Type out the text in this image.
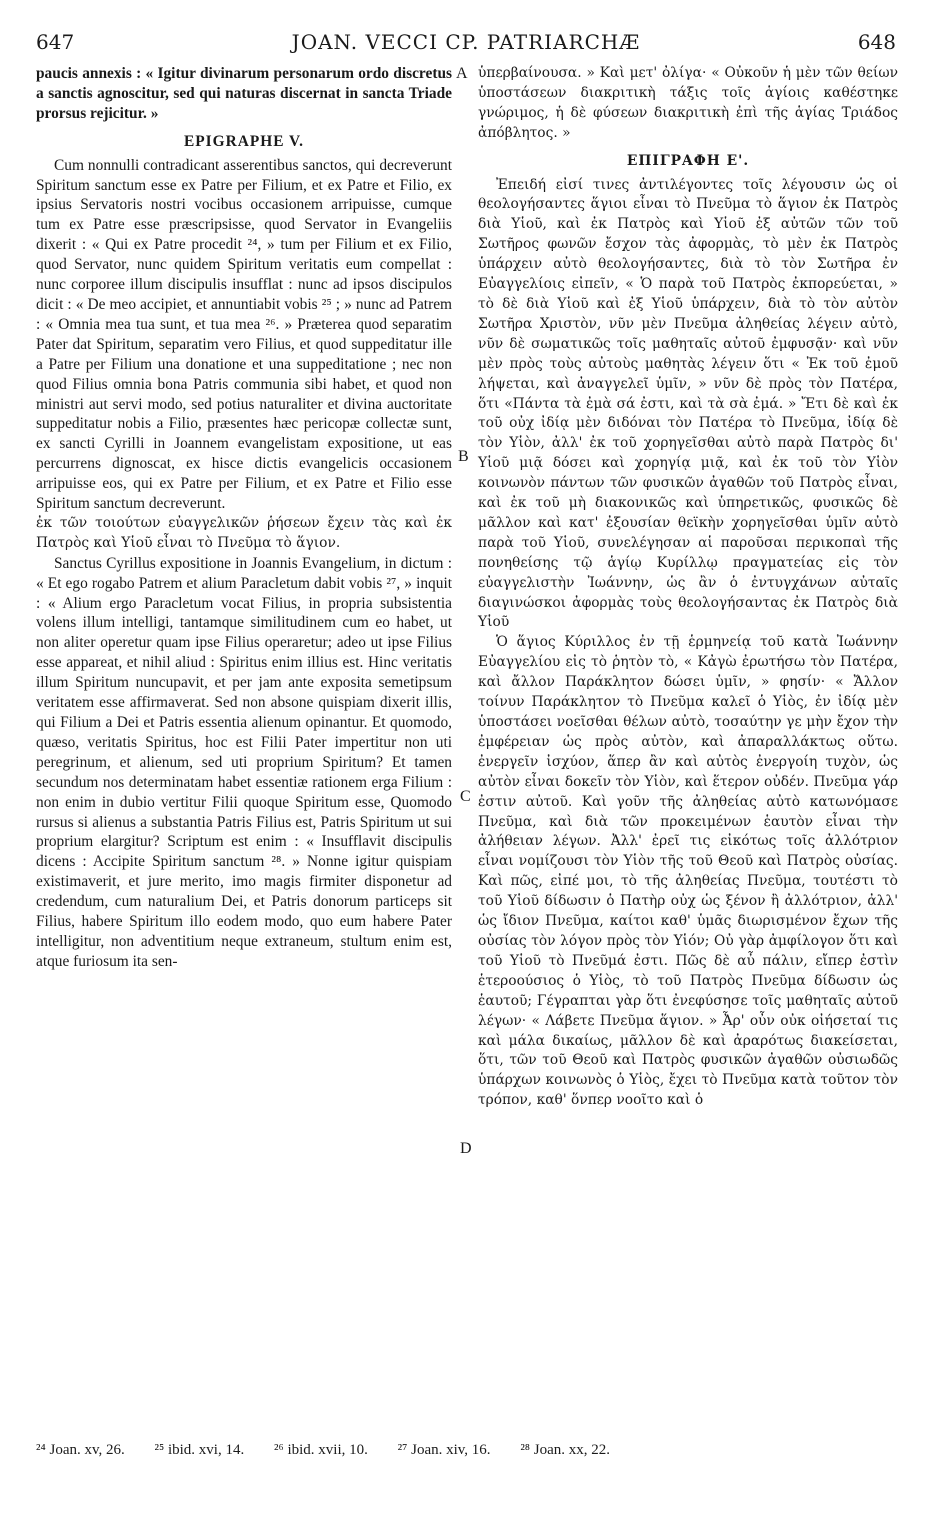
647	JOAN. VECCI CP. PATRIARCHÆ	648

paucis annexis : « Igitur divinarum personarum ordo discretus a sanctis agnoscitur, sed qui naturas discernat in sancta Triade prorsus rejicitur. »

EPIGRAPHE V.

Cum nonnulli contradicant asserentibus sanctos, qui decreverunt Spiritum sanctum esse ex Patre per Filium, et ex Patre et Filio, ex ipsius Servatoris nostri vocibus occasionem arripuisse, cumque tum ex Patre esse præscripsisse, quod Servator in Evangeliis dixerit : « Qui ex Patre procedit ²⁴, » tum per Filium et ex Filio, quod Servator, nunc quidem Spiritum veritatis eum compellat : nunc corporee illum discipulis insufflat : nunc ad ipsos discipulos dicit : « De meo accipiet, et annuntiabit vobis ²⁵ ; » nunc ad Patrem : « Omnia mea tua sunt, et tua mea ²⁶. » Præterea quod separatim Pater dat Spiritum, separatim vero Filius, et quod suppeditatur ille a Patre per Filium una donatione et una suppeditatione ; nec non quod Filius omnia bona Patris communia sibi habet, et quod non ministri aut servi modo, sed potius naturaliter et divina auctoritate suppeditatur nobis a Filio, præsentes hæc pericopæ collectæ sunt, ex sancti Cyrilli in Joannem evangelistam expositione, ut eas percurrens dignoscat, ex hisce dictis evangelicis occasionem arripuisse eos, qui ex Patre per Filium, et ex Patre et Filio esse Spiritum sanctum decreverunt.

ἐκ τῶν τοιούτων εὐαγγελικῶν ῥήσεων ἔχειν τὰς καὶ ἐκ Πατρὸς καὶ Υἱοῦ εἶναι τὸ Πνεῦμα τὸ ἅγιον.

Sanctus Cyrillus expositione in Joannis Evangelium, in dictum : « Et ego rogabo Patrem et alium Paracletum dabit vobis ²⁷, » inquit : « Alium ergo Paracletum vocat Filius, in propria subsistentia volens illum intelligi, tantamque similitudinem cum eo habet, ut non aliter operetur quam ipse Filius operaretur; adeo ut ipse Filius esse appareat, et nihil aliud : Spiritus enim illius est. Hinc veritatis illum Spiritum nuncupavit, et per jam ante exposita semetipsum veritatem esse affirmaverat. Sed non absone quispiam dixerit illis, qui Filium a Dei et Patris essentia alienum opinantur. Et quomodo, quæso, veritatis Spiritus, hoc est Filii Pater impertitur non uti peregrinum, et alienum, sed uti proprium Spiritum? Et tamen secundum nos determinatam habet essentiæ rationem erga Filium : non enim in dubio vertitur Filii quoque Spiritum esse, Quomodo rursus si alienus a substantia Patris Filius est, Patris Spiritum ut sui proprium elargitur? Scriptum est enim : « Insufflavit discipulis dicens : Accipite Spiritum sanctum ²⁸. » Nonne igitur quispiam existimaverit, et jure merito, imo magis firmiter disponetur ad credendum, cum naturalium Dei, et Patris donorum particeps sit Filius, habere Spiritum illo eodem modo, quo eum habere Pater intelligitur, non adventitium neque extraneum, stultum enim est, atque furiosum ita sen-

ὑπερβαίνουσα. » Καὶ μετ' ὀλίγα· « Οὐκοῦν ἡ μὲν τῶν θείων ὑποστάσεων διακριτικὴ τάξις τοῖς ἁγίοις καθέστηκε γνώριμος, ἡ δὲ φύσεων διακριτικὴ ἐπὶ τῆς ἁγίας Τριάδος ἀπόβλητος. »

ΕΠΙΓΡΑΦΗ Ε'.

Ἐπειδή εἰσί τινες ἀντιλέγοντες τοῖς λέγουσιν ὡς οἱ θεολογήσαντες ἅγιοι εἶναι τὸ Πνεῦμα τὸ ἅγιον ἐκ Πατρὸς διὰ Υἱοῦ, καὶ ἐκ Πατρὸς καὶ Υἱοῦ ἐξ αὐτῶν τῶν τοῦ Σωτῆρος φωνῶν ἔσχον τὰς ἀφορμὰς, τὸ μὲν ἐκ Πατρὸς ὑπάρχειν αὐτὸ θεολογήσαντες, διὰ τὸ τὸν Σωτῆρα ἐν Εὐαγγελίοις εἰπεῖν, « Ὁ παρὰ τοῦ Πατρὸς ἐκπορεύεται, » τὸ δὲ διὰ Υἱοῦ καὶ ἐξ Υἱοῦ ὑπάρχειν, διὰ τὸ τὸν αὐτὸν Σωτῆρα Χριστὸν, νῦν μὲν Πνεῦμα ἀληθείας λέγειν αὐτὸ, νῦν δὲ σωματικῶς τοῖς μαθηταῖς αὐτοῦ ἐμφυσᾷν· καὶ νῦν μὲν πρὸς τοὺς αὐτοὺς μαθητὰς λέγειν ὅτι « Ἐκ τοῦ ἐμοῦ λήψεται, καὶ ἀναγγελεῖ ὑμῖν, » νῦν δὲ πρὸς τὸν Πατέρα, ὅτι «Πάντα τὰ ἐμὰ σά ἐστι, καὶ τὰ σὰ ἐμά. » Ἔτι δὲ καὶ ἐκ τοῦ οὐχ ἰδίᾳ μὲν διδόναι τὸν Πατέρα τὸ Πνεῦμα, ἰδίᾳ δὲ τὸν Υἱὸν, ἀλλ' ἐκ τοῦ χορηγεῖσθαι αὐτὸ παρὰ Πατρὸς δι' Υἱοῦ μιᾷ δόσει καὶ χορηγίᾳ μιᾷ, καὶ ἐκ τοῦ τὸν Υἱὸν κοινωνὸν πάντων τῶν φυσικῶν ἀγαθῶν τοῦ Πατρὸς εἶναι, καὶ ἐκ τοῦ μὴ διακονικῶς καὶ ὑπηρετικῶς, φυσικῶς δὲ μᾶλλον καὶ κατ' ἐξουσίαν θεϊκὴν χορηγεῖσθαι ὑμῖν αὐτὸ παρὰ τοῦ Υἱοῦ, συνελέγησαν αἱ παροῦσαι περικοπαὶ τῆς πονηθείσης τῷ ἁγίῳ Κυρίλλῳ πραγματείας εἰς τὸν εὐαγγελιστὴν Ἰωάννην, ὡς ἂν ὁ ἐντυγχάνων αὐταῖς διαγινώσκοι ἀφορμὰς τοὺς θεολογήσαντας ἐκ Πατρὸς διὰ Υἱοῦ

Ὁ ἅγιος Κύριλλος ἐν τῇ ἑρμηνείᾳ τοῦ κατὰ Ἰωάννην Εὐαγγελίου εἰς τὸ ῥητὸν τὸ, « Κἀγὼ ἐρωτήσω τὸν Πατέρα, καὶ ἄλλον Παράκλητον δώσει ὑμῖν, » φησίν· « Ἄλλον τοίνυν Παράκλητον τὸ Πνεῦμα καλεῖ ὁ Υἱὸς, ἐν ἰδίᾳ μὲν ὑποστάσει νοεῖσθαι θέλων αὐτὸ, τοσαύτην γε μὴν ἔχον τὴν ἐμφέρειαν ὡς πρὸς αὐτὸν, καὶ ἀπαραλλάκτως οὕτω. ἐνεργεῖν ἰσχύον, ἅπερ ἂν καὶ αὐτὸς ἐνεργοίη τυχὸν, ὡς αὐτὸν εἶναι δοκεῖν τὸν Υἱὸν, καὶ ἕτερον οὐδέν. Πνεῦμα γάρ ἐστιν αὐτοῦ. Καὶ γοῦν τῆς ἀληθείας αὐτὸ κατωνόμασε Πνεῦμα, καὶ διὰ τῶν προκειμένων ἑαυτὸν εἶναι τὴν ἀλήθειαν λέγων. Ἀλλ' ἐρεῖ τις εἰκότως τοῖς ἀλλότριον εἶναι νομίζουσι τὸν Υἱὸν τῆς τοῦ Θεοῦ καὶ Πατρὸς οὐσίας. Καὶ πῶς, εἰπέ μοι, τὸ τῆς ἀληθείας Πνεῦμα, τουτέστι τὸ τοῦ Υἱοῦ δίδωσιν ὁ Πατὴρ οὐχ ὡς ξένον ἢ ἀλλότριον, ἀλλ' ὡς ἴδιον Πνεῦμα, καίτοι καθ' ὑμᾶς διωρισμένον ἔχων τῆς οὐσίας τὸν λόγον πρὸς τὸν Υἱόν; Οὐ γὰρ ἀμφίλογον ὅτι καὶ τοῦ Υἱοῦ τὸ Πνεῦμά ἐστι. Πῶς δὲ αὖ πάλιν, εἴπερ ἐστὶν ἑτεροούσιος ὁ Υἱὸς, τὸ τοῦ Πατρὸς Πνεῦμα δίδωσιν ὡς ἑαυτοῦ; Γέγραπται γὰρ ὅτι ἐνεφύσησε τοῖς μαθηταῖς αὐτοῦ λέγων· « Λάβετε Πνεῦμα ἅγιον. » Ἆρ' οὖν οὐκ οἰήσεταί τις καὶ μάλα δικαίως, μᾶλλον δὲ καὶ ἀραρότως διακείσεται, ὅτι, τῶν τοῦ Θεοῦ καὶ Πατρὸς φυσικῶν ἀγαθῶν οὐσιωδῶς ὑπάρχων κοινωνὸς ὁ Υἱὸς, ἔχει τὸ Πνεῦμα κατὰ τοῦτον τὸν τρόπον, καθ' ὅνπερ νοοῖτο καὶ ὁ

A
B
C
D
²⁴ Joan. xv, 26. ²⁵ ibid. xvi, 14. ²⁶ ibid. xvii, 10. ²⁷ Joan. xiv, 16. ²⁸ Joan. xx, 22.
